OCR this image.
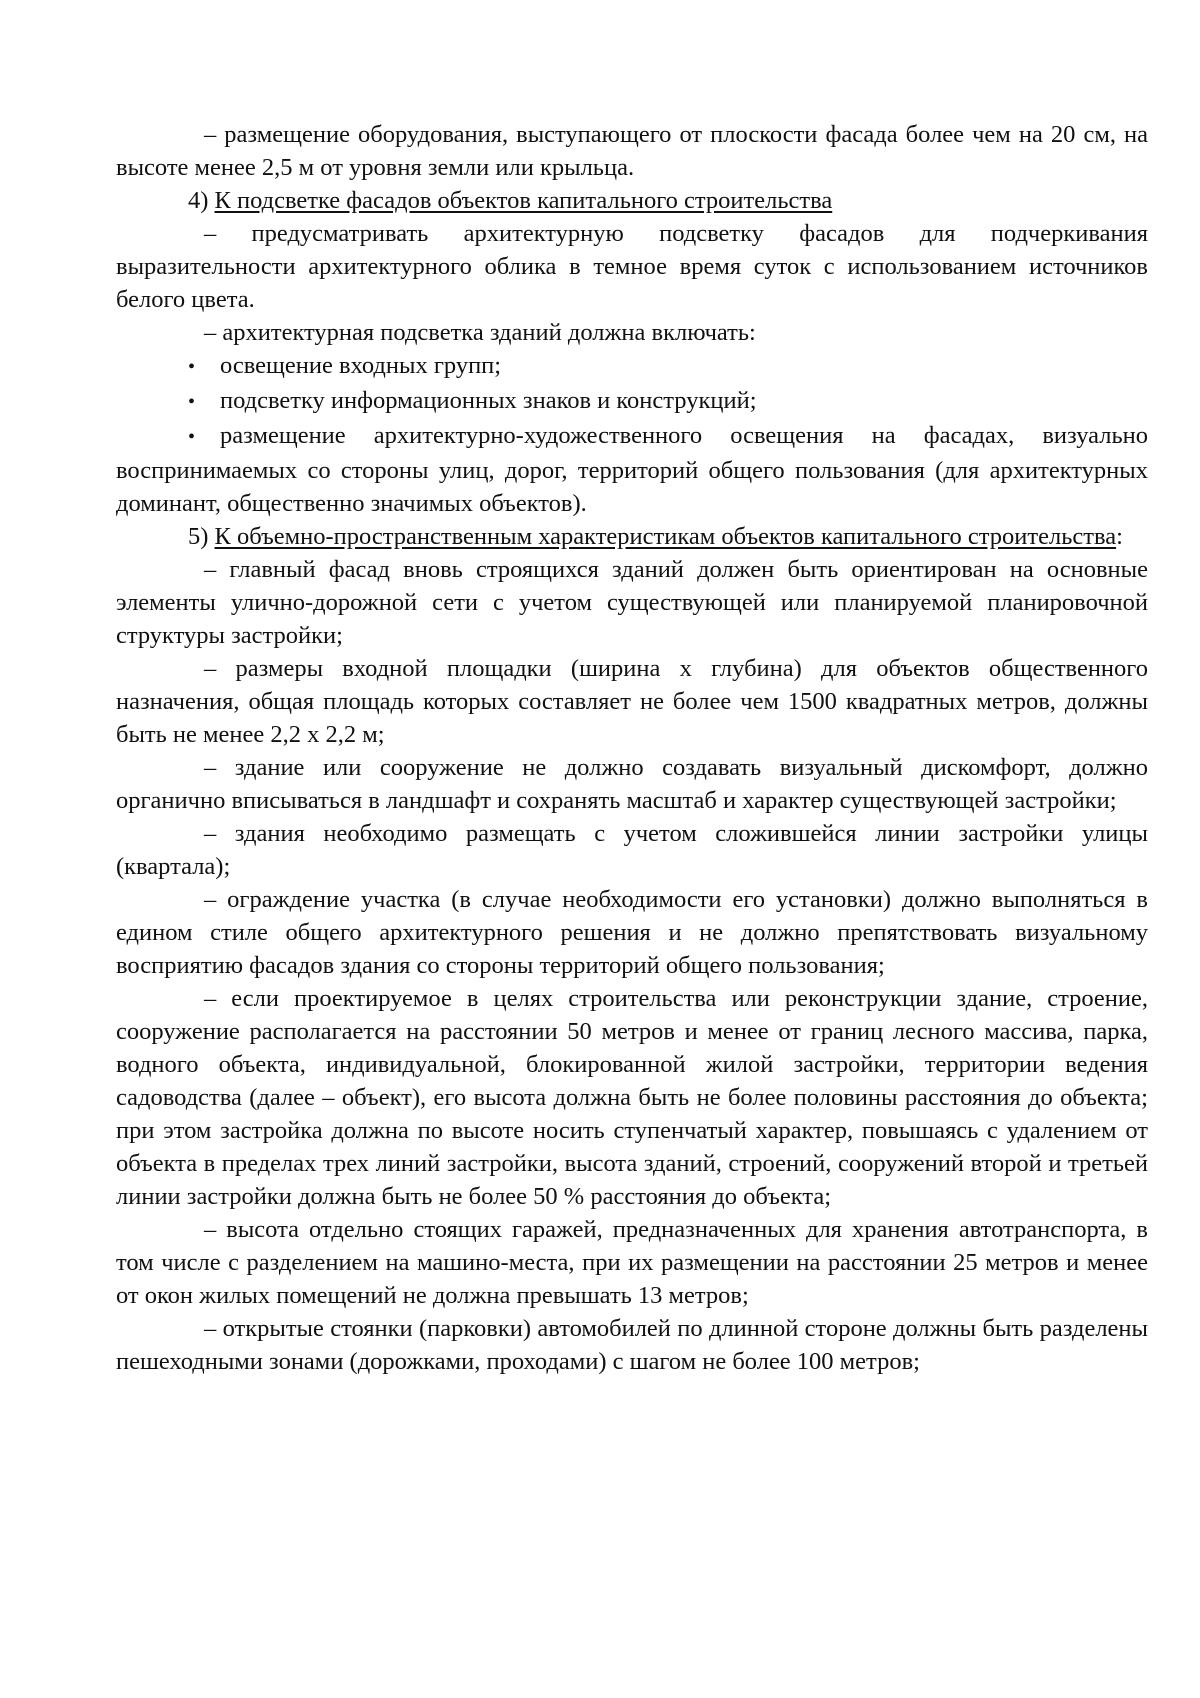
– размещение оборудования, выступающего от плоскости фасада более чем на 20 см, на высоте менее 2,5 м от уровня земли или крыльца.

4) К подсветке фасадов объектов капитального строительства

– предусматривать архитектурную подсветку фасадов для подчеркивания выразительности архитектурного облика в темное время суток с использованием источников белого цвета.

– архитектурная подсветка зданий должна включать:

• освещение входных групп;

• подсветку информационных знаков и конструкций;

• размещение архитектурно-художественного освещения на фасадах, визуально воспринимаемых со стороны улиц, дорог, территорий общего пользования (для архитектурных доминант, общественно значимых объектов).

5) К объемно-пространственным характеристикам объектов капитального строительства:

– главный фасад вновь строящихся зданий должен быть ориентирован на основные элементы улично-дорожной сети с учетом существующей или планируемой планировочной структуры застройки;

– размеры входной площадки (ширина х глубина) для объектов общественного назначения, общая площадь которых составляет не более чем 1500 квадратных метров, должны быть не менее 2,2 х 2,2 м;

– здание или сооружение не должно создавать визуальный дискомфорт, должно органично вписываться в ландшафт и сохранять масштаб и характер существующей застройки;

– здания необходимо размещать с учетом сложившейся линии застройки улицы (квартала);

– ограждение участка (в случае необходимости его установки) должно выполняться в едином стиле общего архитектурного решения и не должно препятствовать визуальному восприятию фасадов здания со стороны территорий общего пользования;

– если проектируемое в целях строительства или реконструкции здание, строение, сооружение располагается на расстоянии 50 метров и менее от границ лесного массива, парка, водного объекта, индивидуальной, блокированной жилой застройки, территории ведения садоводства (далее – объект), его высота должна быть не более половины расстояния до объекта; при этом застройка должна по высоте носить ступенчатый характер, повышаясь с удалением от объекта в пределах трех линий застройки, высота зданий, строений, сооружений второй и третьей линии застройки должна быть не более 50 % расстояния до объекта;

– высота отдельно стоящих гаражей, предназначенных для хранения автотранспорта, в том числе с разделением на машино-места, при их размещении на расстоянии 25 метров и менее от окон жилых помещений не должна превышать 13 метров;

– открытые стоянки (парковки) автомобилей по длинной стороне должны быть разделены пешеходными зонами (дорожками, проходами) с шагом не более 100 метров;
